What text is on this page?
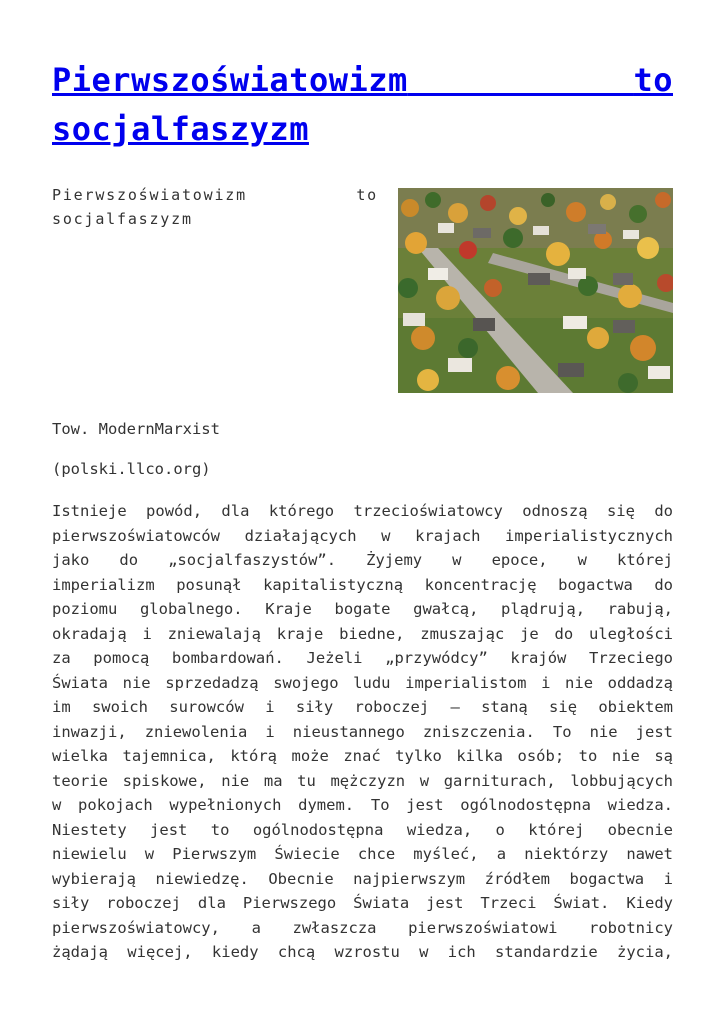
Pierwszoświatowizm	to
socjalfaszyzm
Pierwszoświatowizm	to
socjalfaszyzm
Tow. ModernMarxist
(polski.llco.org)
Istnieje powód, dla którego trzecioświatowcy odnoszą się do
pierwszoświatowców działających w krajach imperialistycznych
jako do „socjalfaszystów”. Żyjemy w epoce, w której
imperializm posunął kapitalistyczną koncentrację bogactwa do
poziomu globalnego. Kraje bogate gwałcą, plądrują, rabują,
okradają i zniewalają kraje biedne, zmuszając je do uległości
za pomocą bombardowań. Jeżeli „przywódcy” krajów Trzeciego
Świata nie sprzedadzą swojego ludu imperialistom i nie oddadzą
im swoich surowców i siły roboczej – staną się obiektem
inwazji, zniewolenia i nieustannego zniszczenia. To nie jest
wielka tajemnica, którą może znać tylko kilka osób; to nie są
teorie spiskowe, nie ma tu mężczyzn w garniturach, lobbujących
w pokojach wypełnionych dymem. To jest ogólnodostępna wiedza.
Niestety jest to ogólnodostępna wiedza, o której obecnie
niewielu w Pierwszym Świecie chce myśleć, a niektórzy nawet
wybierają niewiedzę. Obecnie najpierwszym źródłem bogactwa i
siły roboczej dla Pierwszego Świata jest Trzeci Świat. Kiedy
pierwszoświatowcy, a zwłaszcza pierwszoświatowi robotnicy
żądają więcej, kiedy chcą wzrostu w ich standardzie życia,
